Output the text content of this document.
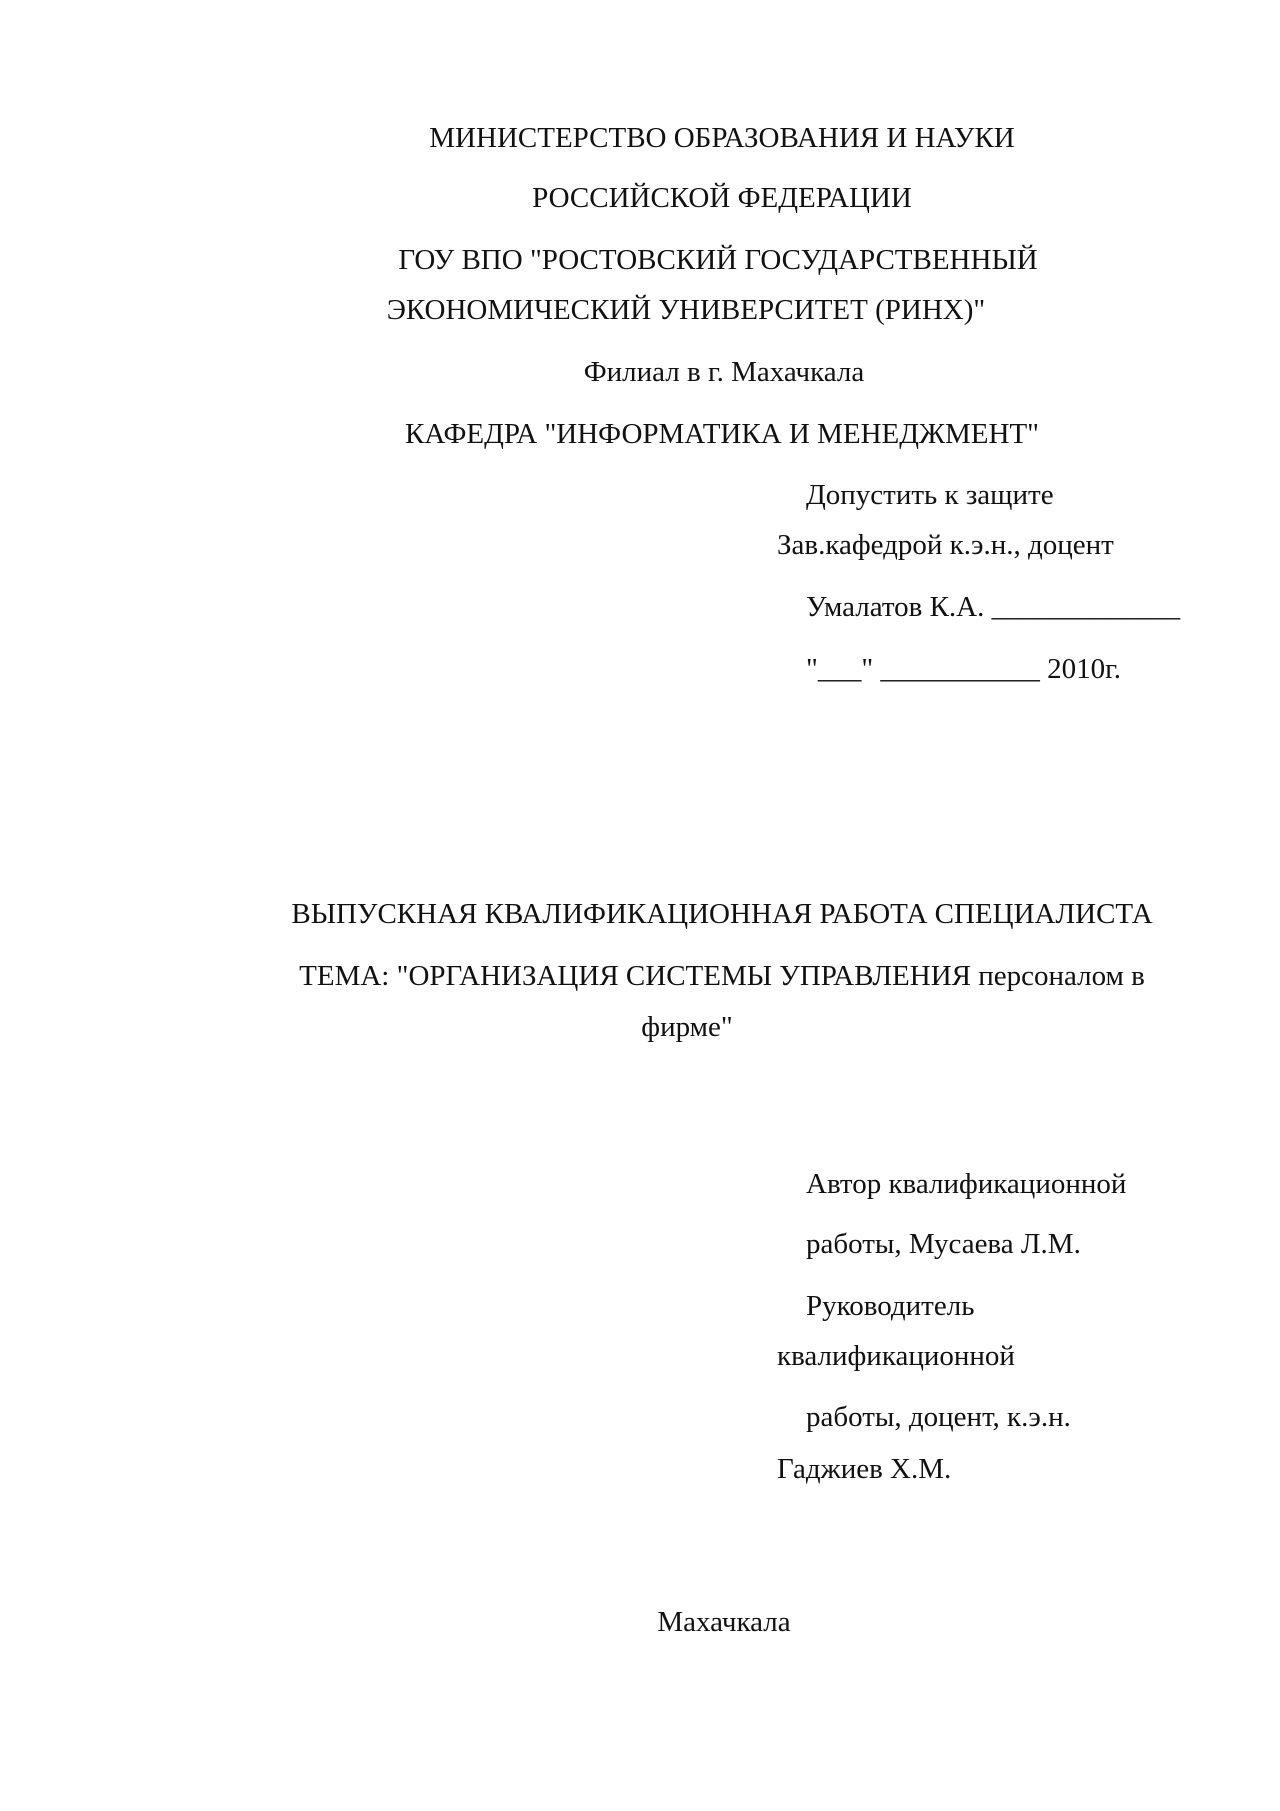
МИНИСТЕРСТВО ОБРАЗОВАНИЯ И НАУКИ
РОССИЙСКОЙ ФЕДЕРАЦИИ
ГОУ ВПО "РОСТОВСКИЙ ГОСУДАРСТВЕННЫЙ
ЭКОНОМИЧЕСКИЙ УНИВЕРСИТЕТ (РИНХ)"
Филиал в г. Махачкала
КАФЕДРА "ИНФОРМАТИКА И МЕНЕДЖМЕНТ"
Допустить к защите
Зав.кафедрой к.э.н., доцент
Умалатов К.А. _____________
"___" ___________ 2010г.
ВЫПУСКНАЯ КВАЛИФИКАЦИОННАЯ РАБОТА СПЕЦИАЛИСТА
ТЕМА: "ОРГАНИЗАЦИЯ СИСТЕМЫ УПРАВЛЕНИЯ персоналом в
фирме"
Автор квалификационной
работы, Мусаева Л.М.
Руководитель
квалификационной
работы, доцент, к.э.н.
Гаджиев Х.М.
Махачкала
